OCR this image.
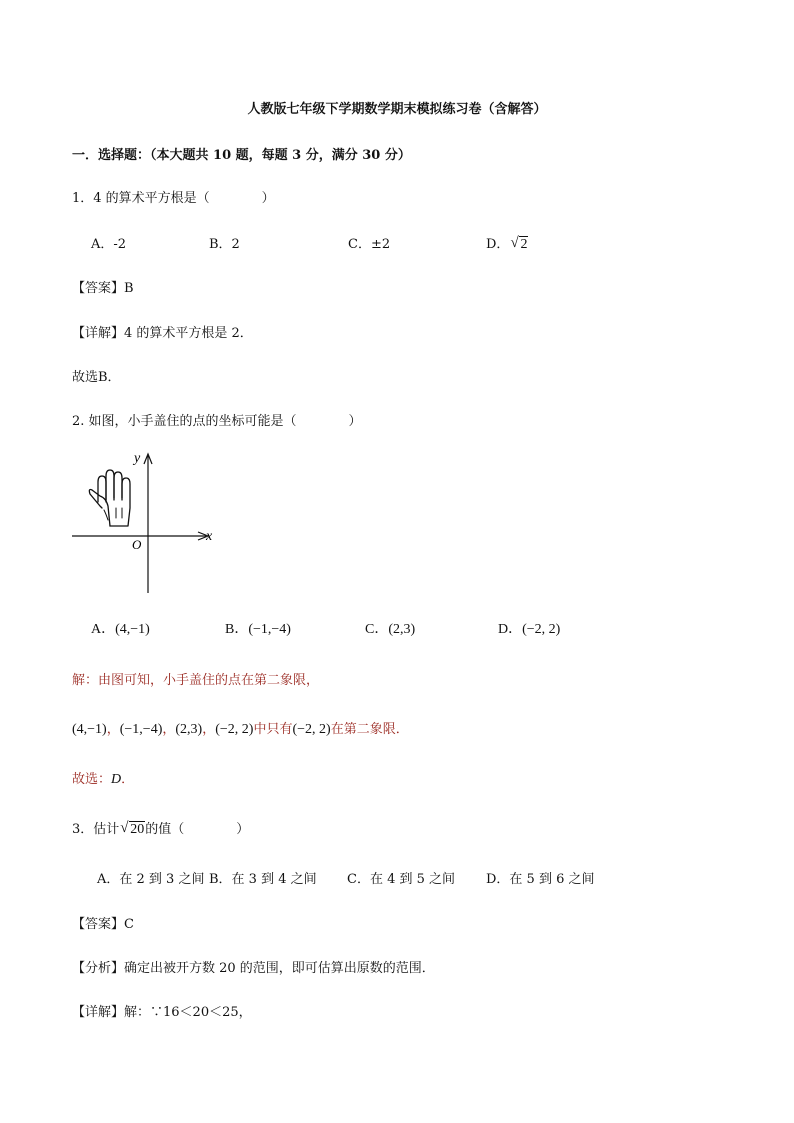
人教版七年级下学期数学期末模拟练习卷（含解答）
一．选择题：（本大题共 10 题，每题 3 分，满分 30 分）
1．4 的算术平方根是（　　　　）
A．-2	B．2	C．±2	D． √ 2
【答案】B
【详解】4 的算术平方根是 2．
故选B．
2. 如图，小手盖住的点的坐标可能是（　　　　）
y
x
O
A．(4,−1)	B．(−1,−4)	C．(2,3)	D．(−2, 2)
解：由图可知，小手盖住的点在第二象限，
(4,−1)，(−1,−4)，(2,3)，(−2, 2)中只有(−2, 2)在第二象限．
故选：D．
3．估计 √ 20的值（　　　　）
A．在 2 到 3 之间 B．在 3 到 4 之间 C．在 4 到 5 之间 D．在 5 到 6 之间
【答案】C
【分析】确定出被开方数 20 的范围，即可估算出原数的范围．
【详解】解：∵16＜20＜25，
